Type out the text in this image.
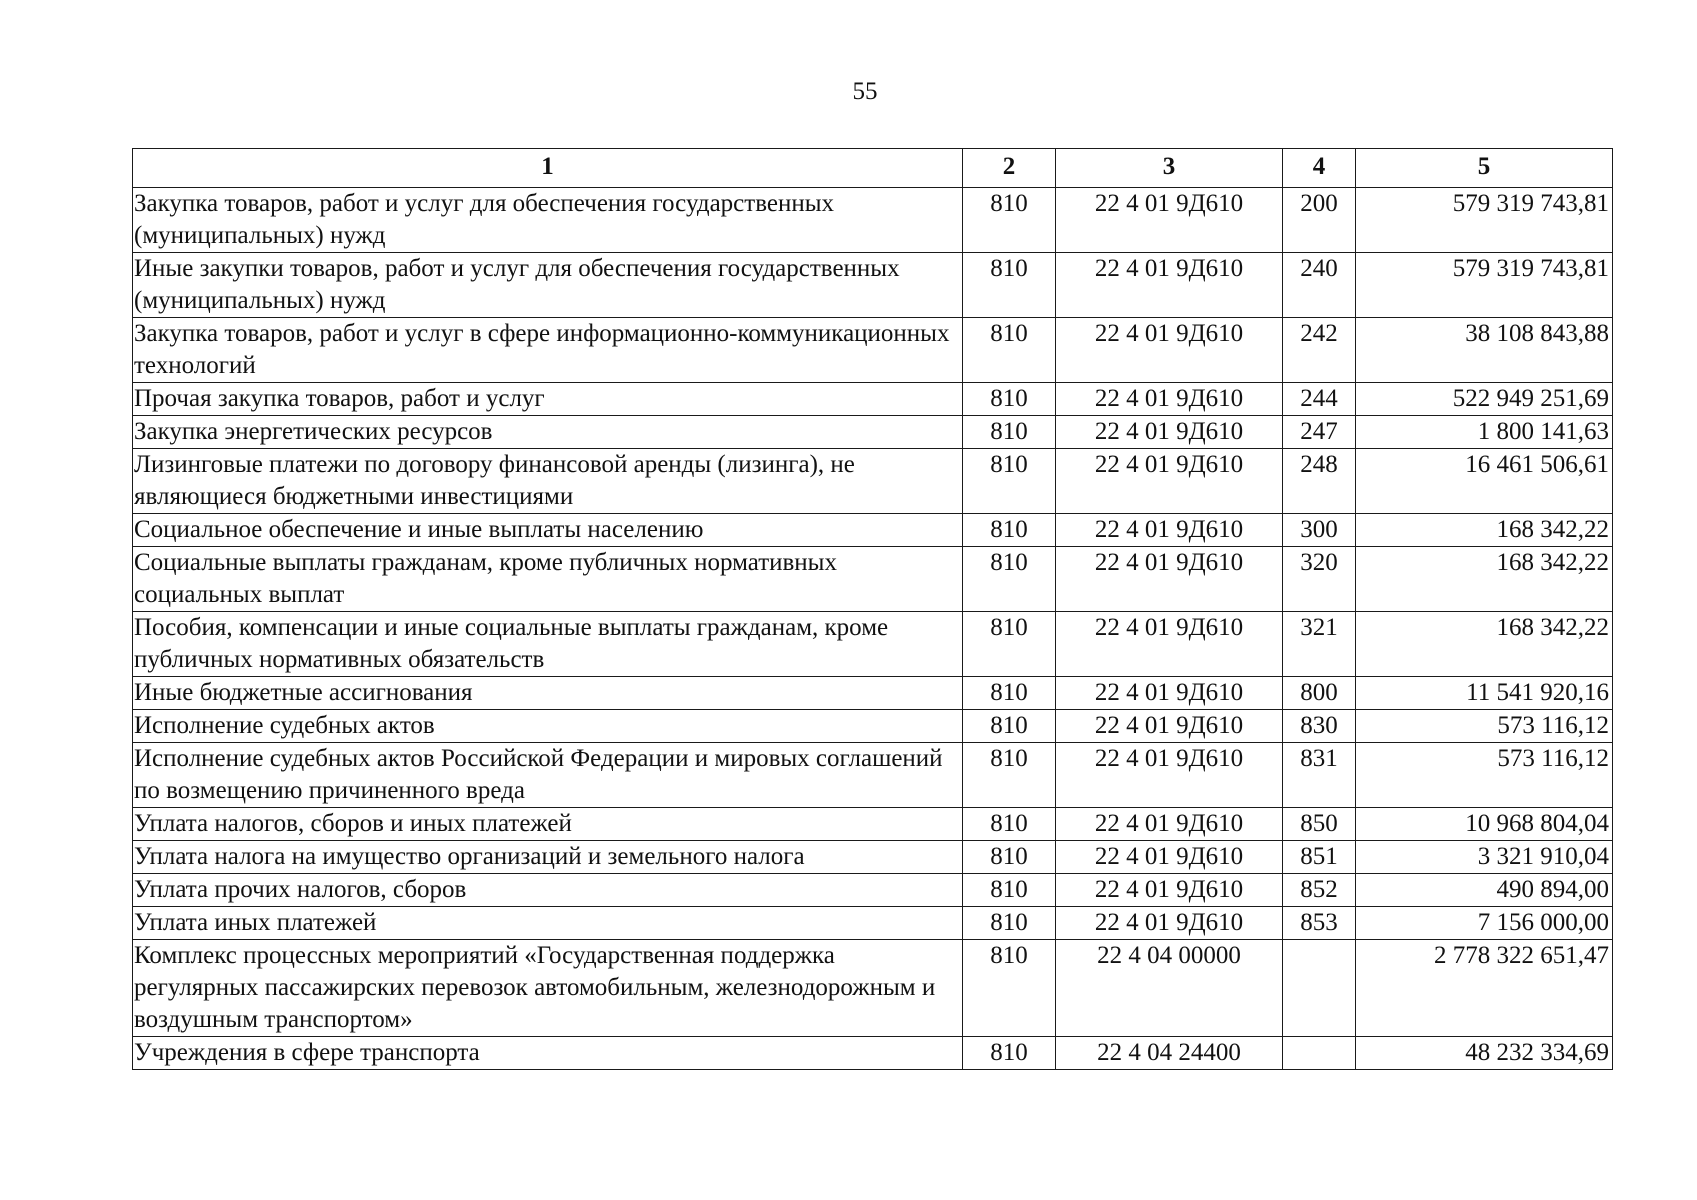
55
1	2	3	4	5
Закупка товаров, работ и услуг для обеспечения государственных (муниципальных) нужд	810	22 4 01 9Д610	200	579 319 743,81
Иные закупки товаров, работ и услуг для обеспечения государственных (муниципальных) нужд	810	22 4 01 9Д610	240	579 319 743,81
Закупка товаров, работ и услуг в сфере информационно-коммуникационных технологий	810	22 4 01 9Д610	242	38 108 843,88
Прочая закупка товаров, работ и услуг	810	22 4 01 9Д610	244	522 949 251,69
Закупка энергетических ресурсов	810	22 4 01 9Д610	247	1 800 141,63
Лизинговые платежи по договору финансовой аренды (лизинга), не являющиеся бюджетными инвестициями	810	22 4 01 9Д610	248	16 461 506,61
Социальное обеспечение и иные выплаты населению	810	22 4 01 9Д610	300	168 342,22
Социальные выплаты гражданам, кроме публичных нормативных социальных выплат	810	22 4 01 9Д610	320	168 342,22
Пособия, компенсации и иные социальные выплаты гражданам, кроме публичных нормативных обязательств	810	22 4 01 9Д610	321	168 342,22
Иные бюджетные ассигнования	810	22 4 01 9Д610	800	11 541 920,16
Исполнение судебных актов	810	22 4 01 9Д610	830	573 116,12
Исполнение судебных актов Российской Федерации и мировых соглашений по возмещению причиненного вреда	810	22 4 01 9Д610	831	573 116,12
Уплата налогов, сборов и иных платежей	810	22 4 01 9Д610	850	10 968 804,04
Уплата налога на имущество организаций и земельного налога	810	22 4 01 9Д610	851	3 321 910,04
Уплата прочих налогов, сборов	810	22 4 01 9Д610	852	490 894,00
Уплата иных платежей	810	22 4 01 9Д610	853	7 156 000,00
Комплекс процессных мероприятий «Государственная поддержка регулярных пассажирских перевозок автомобильным, железнодорожным и воздушным транспортом»	810	22 4 04 00000		2 778 322 651,47
Учреждения в сфере транспорта	810	22 4 04 24400		48 232 334,69
